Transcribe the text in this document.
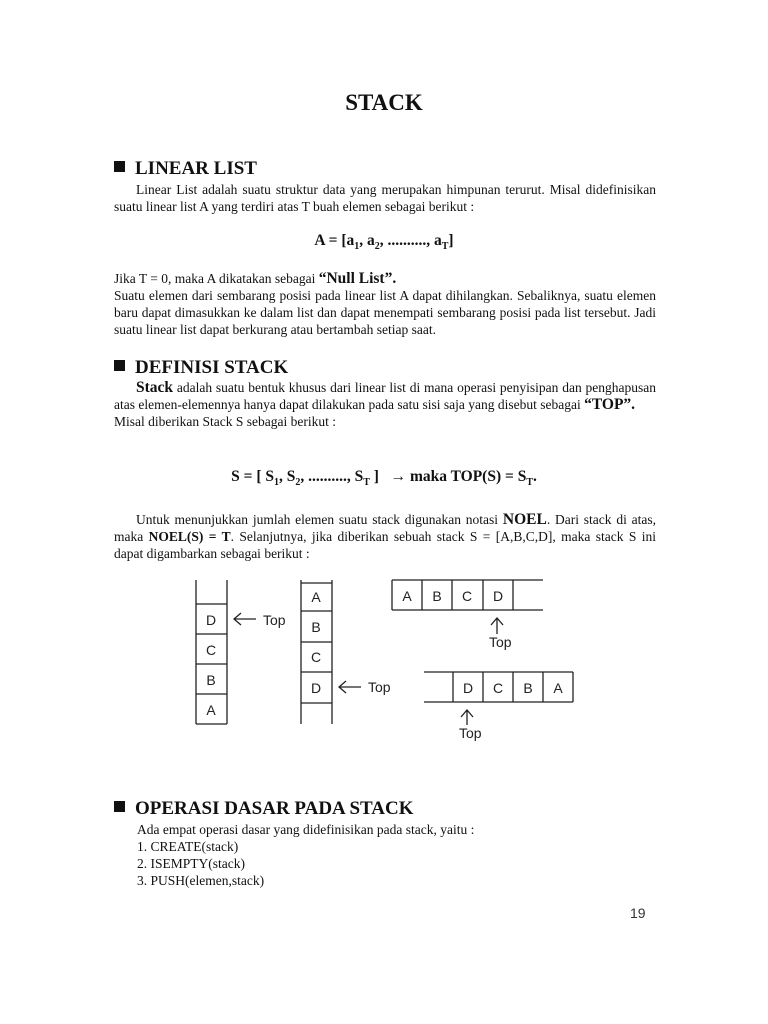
STACK
LINEAR LIST

Linear List adalah suatu struktur data yang merupakan himpunan terurut. Misal didefinisikan suatu linear list A yang terdiri atas T buah elemen sebagai berikut :

$A = [a_1$, $a_2$, .........., $a_T$]

Jika T = 0, maka A dikatakan sebagai “Null List”.

Suatu elemen dari sembarang posisi pada linear list A dapat dihilangkan. Sebaliknya, suatu elemen baru dapat dimasukkan ke dalam list dan dapat menempati sembarang posisi pada list tersebut. Jadi suatu linear list dapat berkurang atau bertambah setiap saat.

DEFINISI STACK

Stack adalah suatu bentuk khusus dari linear list di mana operasi penyisipan dan penghapusan atas elemen-elemennya hanya dapat dilakukan pada satu sisi saja yang disebut sebagai “TOP”.

Misal diberikan Stack S sebagai berikut :

S = [ $S_1$, $S_2$, .........., $S_T$ ] → maka $TOP(S) = S_T$.

Untuk menunjukkan jumlah elemen suatu stack digunakan notasi NOEL. Dari stack di atas, maka NOEL(S) = T. Selanjutnya, jika diberikan sebuah stack S = [A,B,C,D], maka stack S ini dapat digambarkan sebagai berikut :

D
C
B
A
A
B
C
D
A B C D
D C B A
Top
Top
Top
Top
OPERASI DASAR PADA STACK
Ada empat operasi dasar yang didefinisikan pada stack, yaitu :
1. CREATE(stack)
2. ISEMPTY(stack)
3. PUSH(elemen,stack)
19
